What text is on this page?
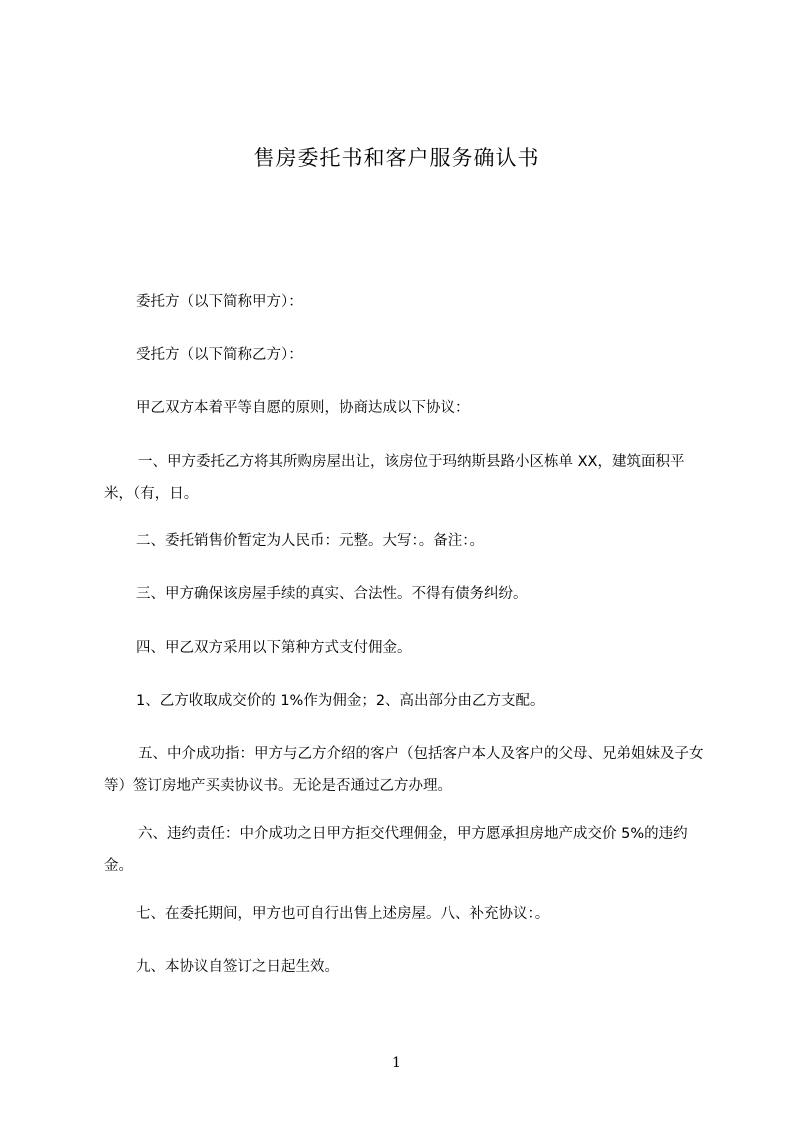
售房委托书和客户服务确认书
委托方（以下简称甲方）：
受托方（以下简称乙方）：
甲乙双方本着平等自愿的原则，协商达成以下协议：
一、甲方委托乙方将其所购房屋出让，该房位于玛纳斯县路小区栋单 XX，建筑面积平米，（有，日。
二、委托销售价暂定为人民币：元整。大写：。备注：。
三、甲方确保该房屋手续的真实、合法性。不得有债务纠纷。
四、甲乙双方采用以下第种方式支付佣金。
1、乙方收取成交价的 1%作为佣金；2、高出部分由乙方支配。
五、中介成功指：甲方与乙方介绍的客户（包括客户本人及客户的父母、兄弟姐妹及子女等）签订房地产买卖协议书。无论是否通过乙方办理。
六、违约责任：中介成功之日甲方拒交代理佣金，甲方愿承担房地产成交价 5%的违约金。
七、在委托期间，甲方也可自行出售上述房屋。八、补充协议：。
九、本协议自签订之日起生效。
1
